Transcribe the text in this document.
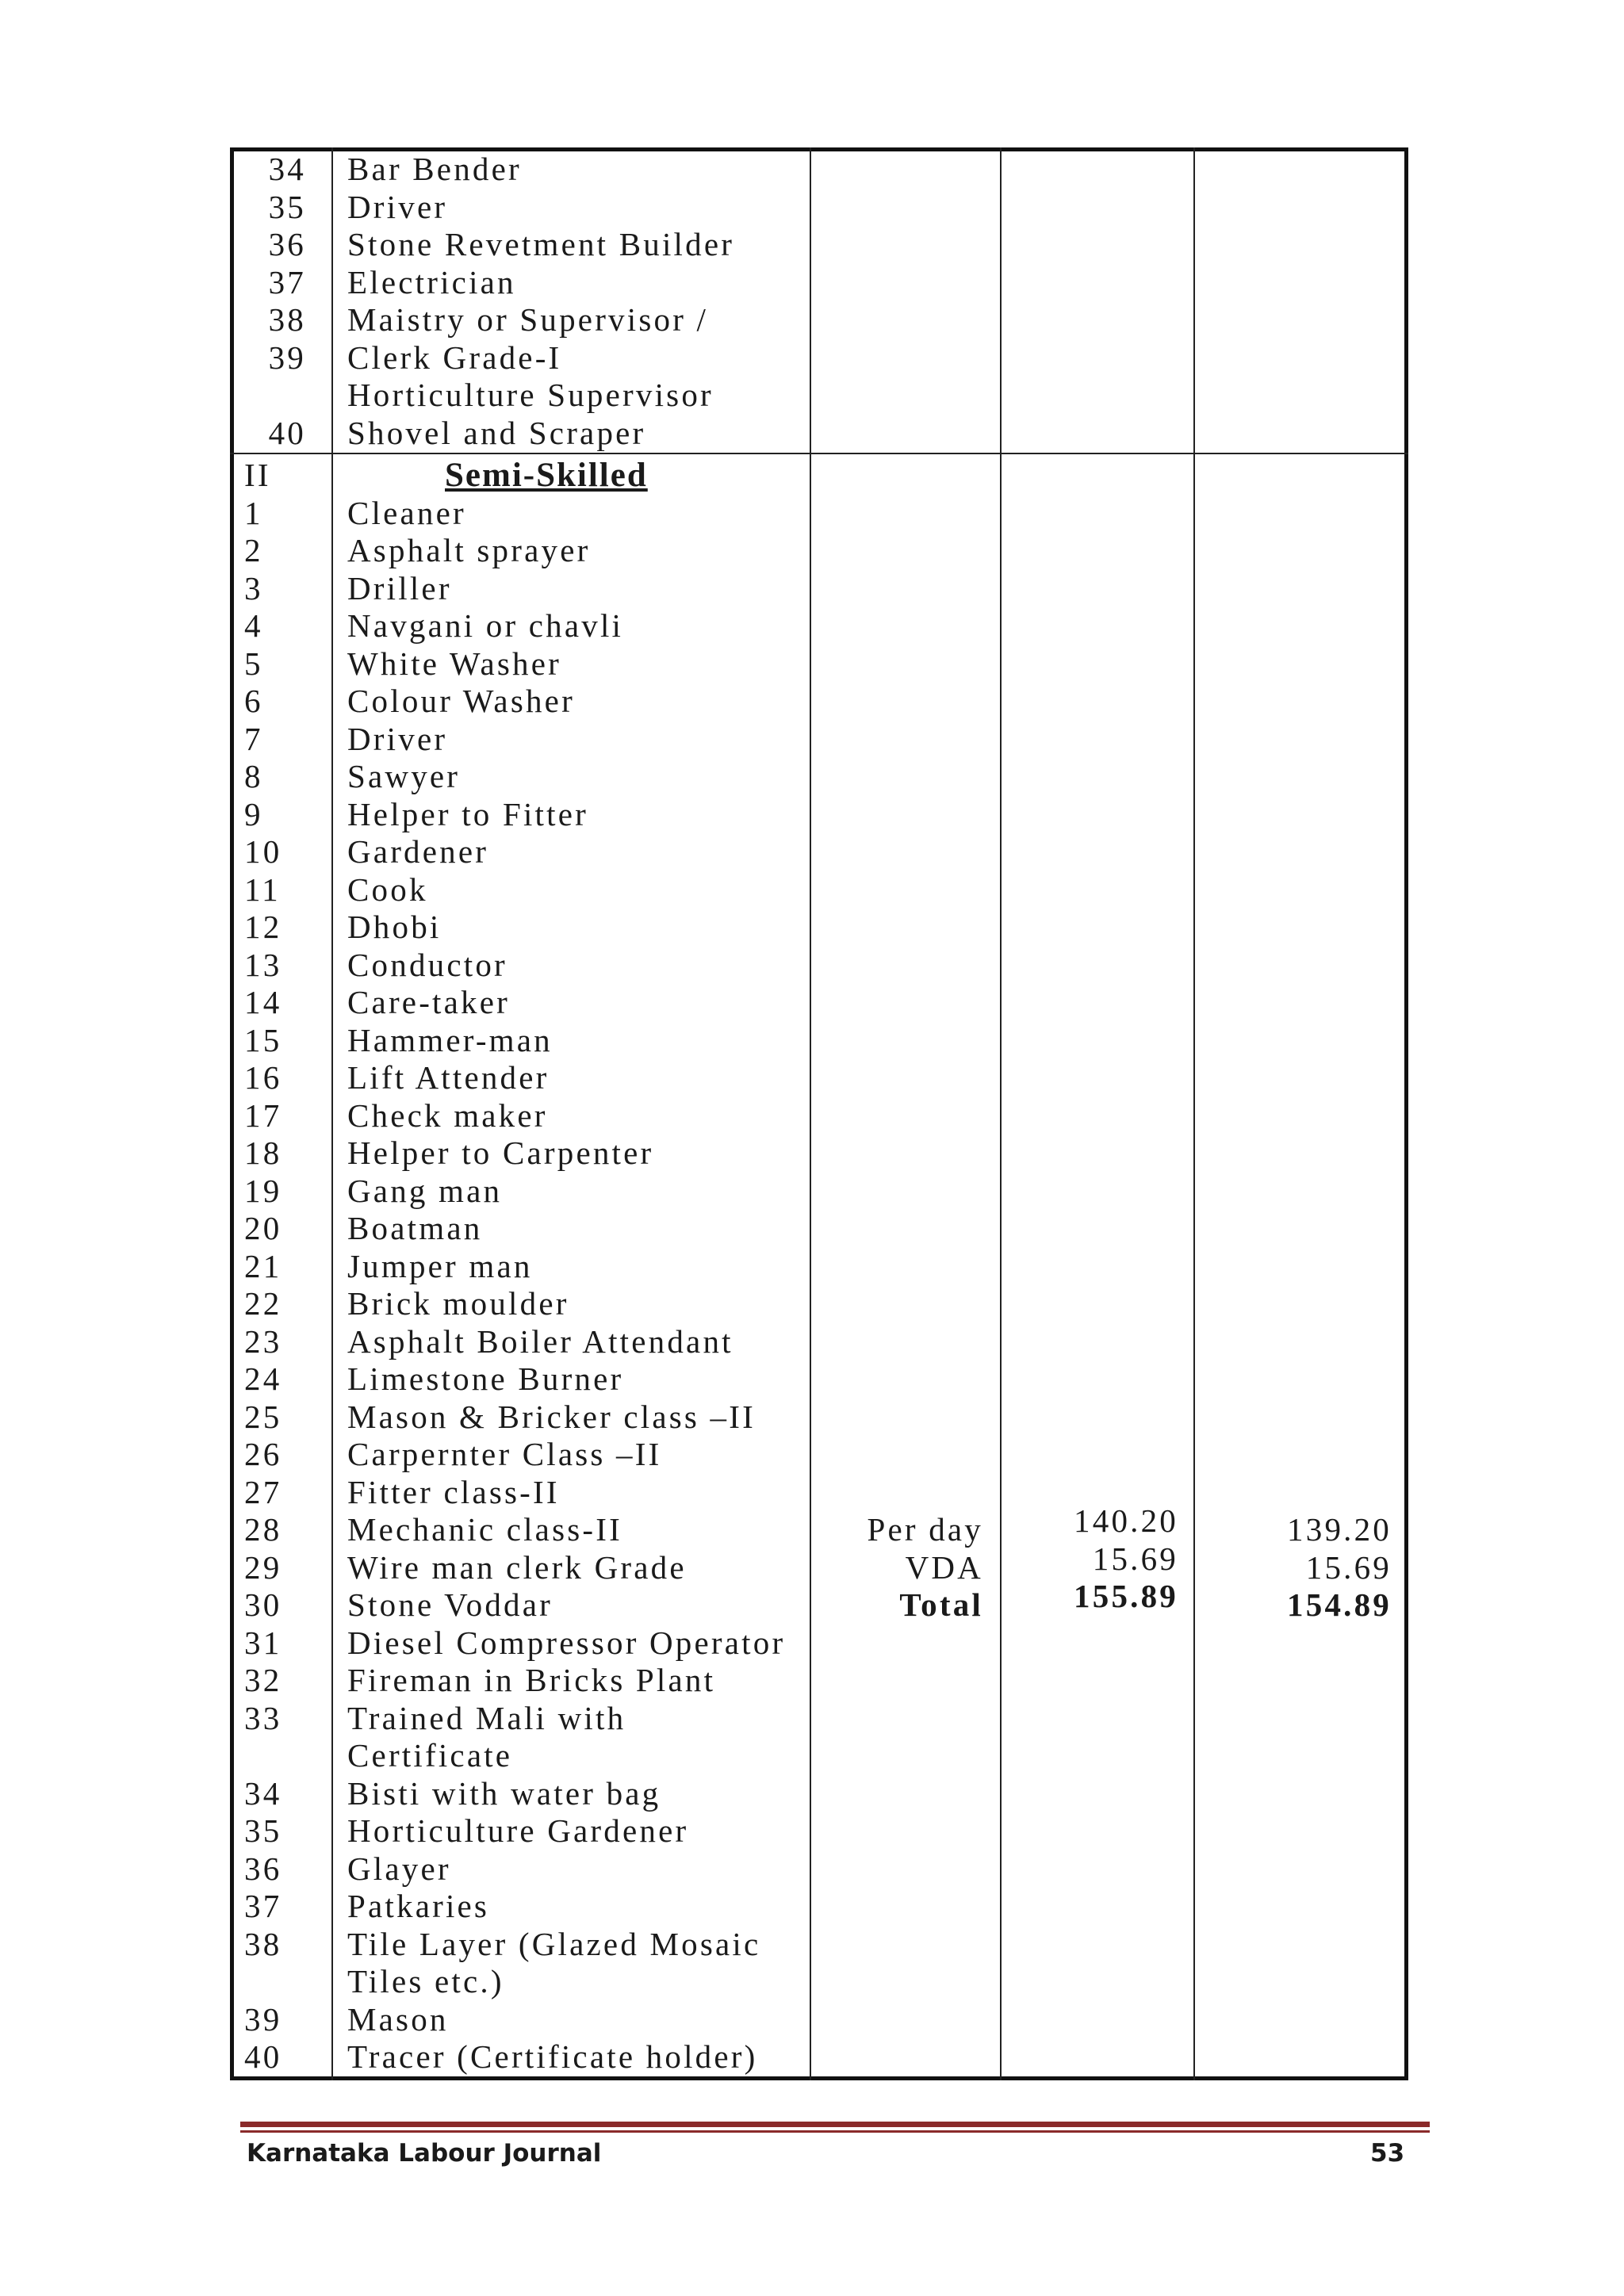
34
35
36
37
38
39

40
Bar Bender
Driver
Stone Revetment Builder
Electrician
Maistry or Supervisor /
Clerk Grade-I
Horticulture Supervisor
Shovel and Scraper
Semi-Skilled
II
1
2
3
4
5
6
7
8
9
10
11
12
13
14
15
16
17
18
19
20
21
22
23
24
25
26
27
28
29
30
31
32
33

34
35
36
37
38

39
40
Cleaner
Asphalt sprayer
Driller
Navgani or chavli
White Washer
Colour Washer
Driver
Sawyer
Helper to Fitter
Gardener
Cook
Dhobi
Conductor
Care-taker
Hammer-man
Lift Attender
Check maker
Helper to Carpenter
Gang man
Boatman
Jumper man
Brick moulder
Asphalt Boiler Attendant
Limestone Burner
Mason & Bricker class –II
Carpernter Class –II
Fitter class-II
Mechanic class-II
Wire man clerk Grade
Stone Voddar
Diesel Compressor Operator
Fireman in Bricks Plant
Trained Mali with
Certificate
Bisti with water bag
Horticulture Gardener
Glayer
Patkaries
Tile Layer (Glazed Mosaic
Tiles etc.)
Mason
Tracer (Certificate holder)
Per day
VDA
Total
140.20
15.69
155.89
139.20
15.69
154.89
Karnataka Labour Journal	53
